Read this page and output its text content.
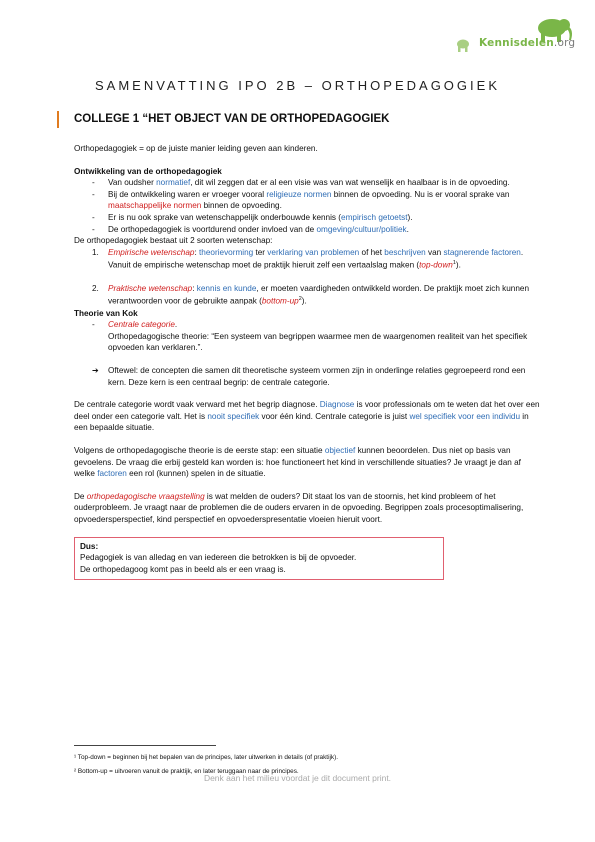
Kennisdelen.org
SAMENVATTING IPO 2B – ORTHOPEDAGOGIEK
COLLEGE 1 “HET OBJECT VAN DE ORTHOPEDAGOGIEK

Orthopedagogiek = op de juiste manier leiding geven aan kinderen.

Ontwikkeling van de orthopedagogiek

- Van oudsher normatief, dit wil zeggen dat er al een visie was van wat wenselijk en haalbaar is in de opvoeding.
- Bij de ontwikkeling waren er vroeger vooral religieuze normen binnen de opvoeding. Nu is er vooral sprake van maatschappelijke normen binnen de opvoeding.
- Er is nu ook sprake van wetenschappelijk onderbouwde kennis (empirisch getoetst).
- De orthopedagogiek is voortdurend onder invloed van de omgeving/cultuur/politiek.

De orthopedagogiek bestaat uit 2 soorten wetenschap:

1. Empirische wetenschap: theorievorming ter verklaring van problemen of het beschrijven van stagnerende factoren. Vanuit de empirische wetenschap moet de praktijk hieruit zelf een vertaalslag maken (top-down$^1$).
2. Praktische wetenschap: kennis en kunde, er moeten vaardigheden ontwikkeld worden. De praktijk moet zich kunnen verantwoorden voor de gebruikte aanpak $(bottom-up^2)$.

Theorie van Kok

- Centrale categorie.

Orthopedagogische theorie: “Een systeem van begrippen waarmee men de waargenomen realiteit van het specifiek opvoeden kan verklaren.”.

➔ Oftewel: de concepten die samen dit theoretische systeem vormen zijn in onderlinge relaties gegroepeerd rond een kern. Deze kern is een centraal begrip: de centrale categorie.

De centrale categorie wordt vaak verward met het begrip diagnose. Diagnose is voor professionals om te weten dat het over een deel onder een categorie valt. Het is nooit specifiek voor één kind. Centrale categorie is juist wel specifiek voor een individu in een bepaalde situatie.

Volgens de orthopedagogische theorie is de eerste stap: een situatie objectief kunnen beoordelen. Dus niet op basis van gevoelens. De vraag die erbij gesteld kan worden is: hoe functioneert het kind in verschillende situaties? Je vraagt je dan af welke factoren een rol (kunnen) spelen in de situatie.

De orthopedagogische vraagstelling is wat melden de ouders? Dit staat los van de stoornis, het kind probleem of het ouderprobleem. Je vraagt naar de problemen die de ouders ervaren in de opvoeding. Begrippen zoals procesoptimalisering, opvoedersperspectief, kind perspectief en opvoederspresentatie vloeien hieruit voort.

Dus:

Pedagogiek is van alledag en van iedereen die betrokken is bij de opvoeder.

De orthopedagoog komt pas in beeld als er een vraag is.

¹ Top-down = beginnen bij het bepalen van de principes, later uitwerken in details (of praktijk).
² Bottom-up = uitvoeren vanuit de praktijk, en later teruggaan naar de principes.
Denk aan het milieu voordat je dit document print.
